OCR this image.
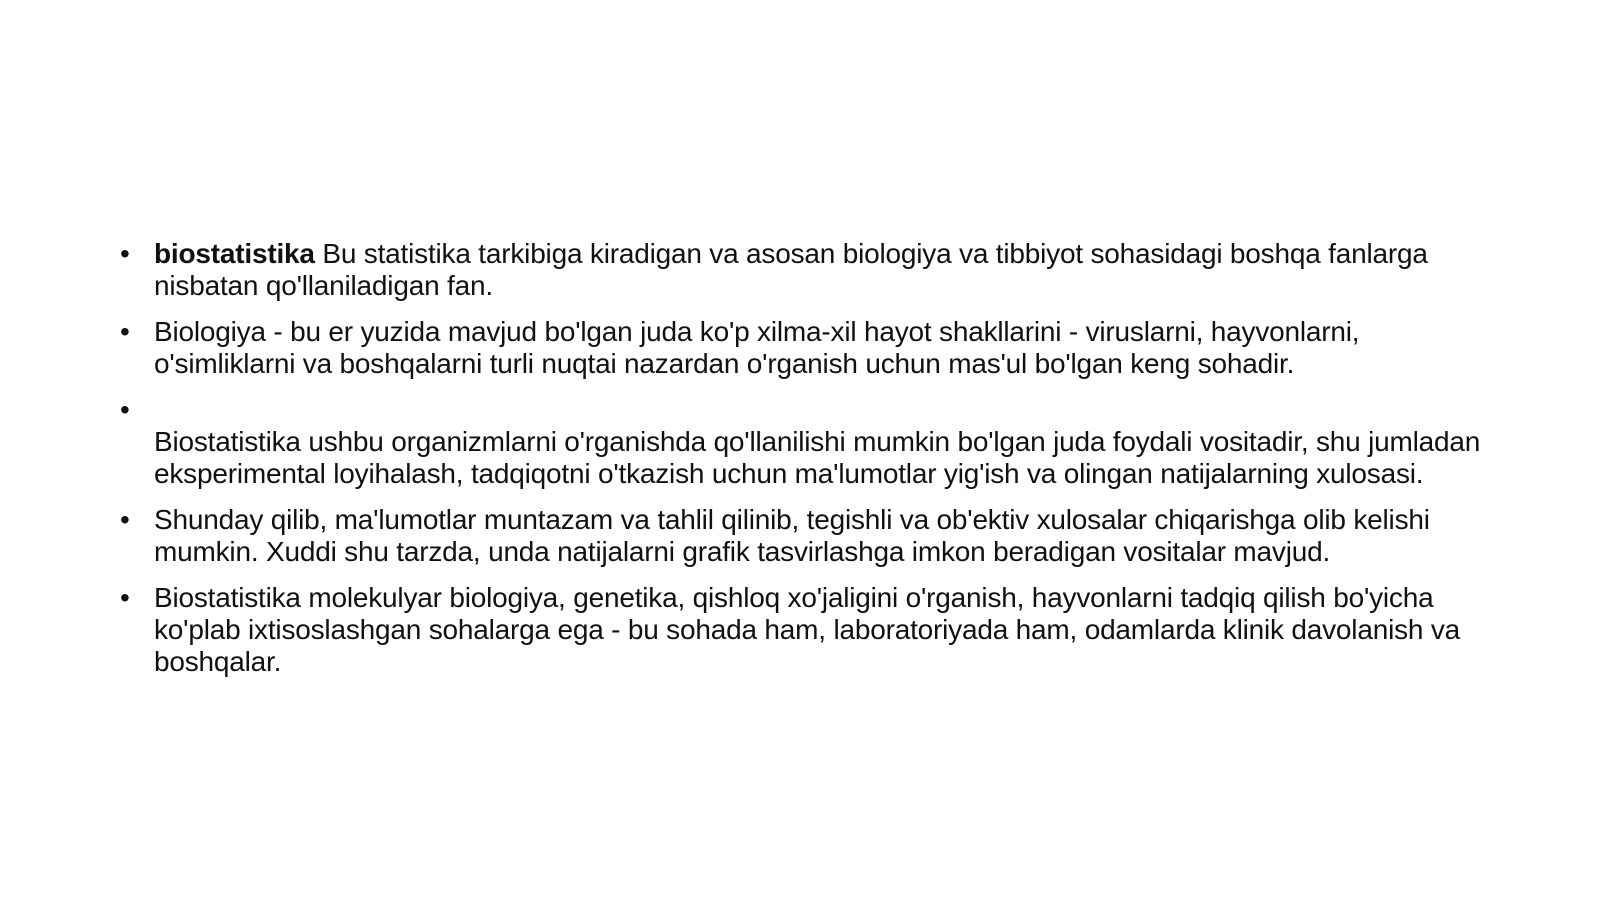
• biostatistika Bu statistika tarkibiga kiradigan va asosan biologiya va tibbiyot sohasidagi boshqa fanlarga nisbatan qo'llaniladigan fan.
• Biologiya - bu er yuzida mavjud bo'lgan juda ko'p xilma-xil hayot shakllarini - viruslarni, hayvonlarni, o'simliklarni va boshqalarni turli nuqtai nazardan o'rganish uchun mas'ul bo'lgan keng sohadir.
•
Biostatistika ushbu organizmlarni o'rganishda qo'llanilishi mumkin bo'lgan juda foydali vositadir, shu jumladan eksperimental loyihalash, tadqiqotni o'tkazish uchun ma'lumotlar yig'ish va olingan natijalarning xulosasi.
• Shunday qilib, ma'lumotlar muntazam va tahlil qilinib, tegishli va ob'ektiv xulosalar chiqarishga olib kelishi mumkin. Xuddi shu tarzda, unda natijalarni grafik tasvirlashga imkon beradigan vositalar mavjud.
• Biostatistika molekulyar biologiya, genetika, qishloq xo'jaligini o'rganish, hayvonlarni tadqiq qilish bo'yicha ko'plab ixtisoslashgan sohalarga ega - bu sohada ham, laboratoriyada ham, odamlarda klinik davolanish va boshqalar.
